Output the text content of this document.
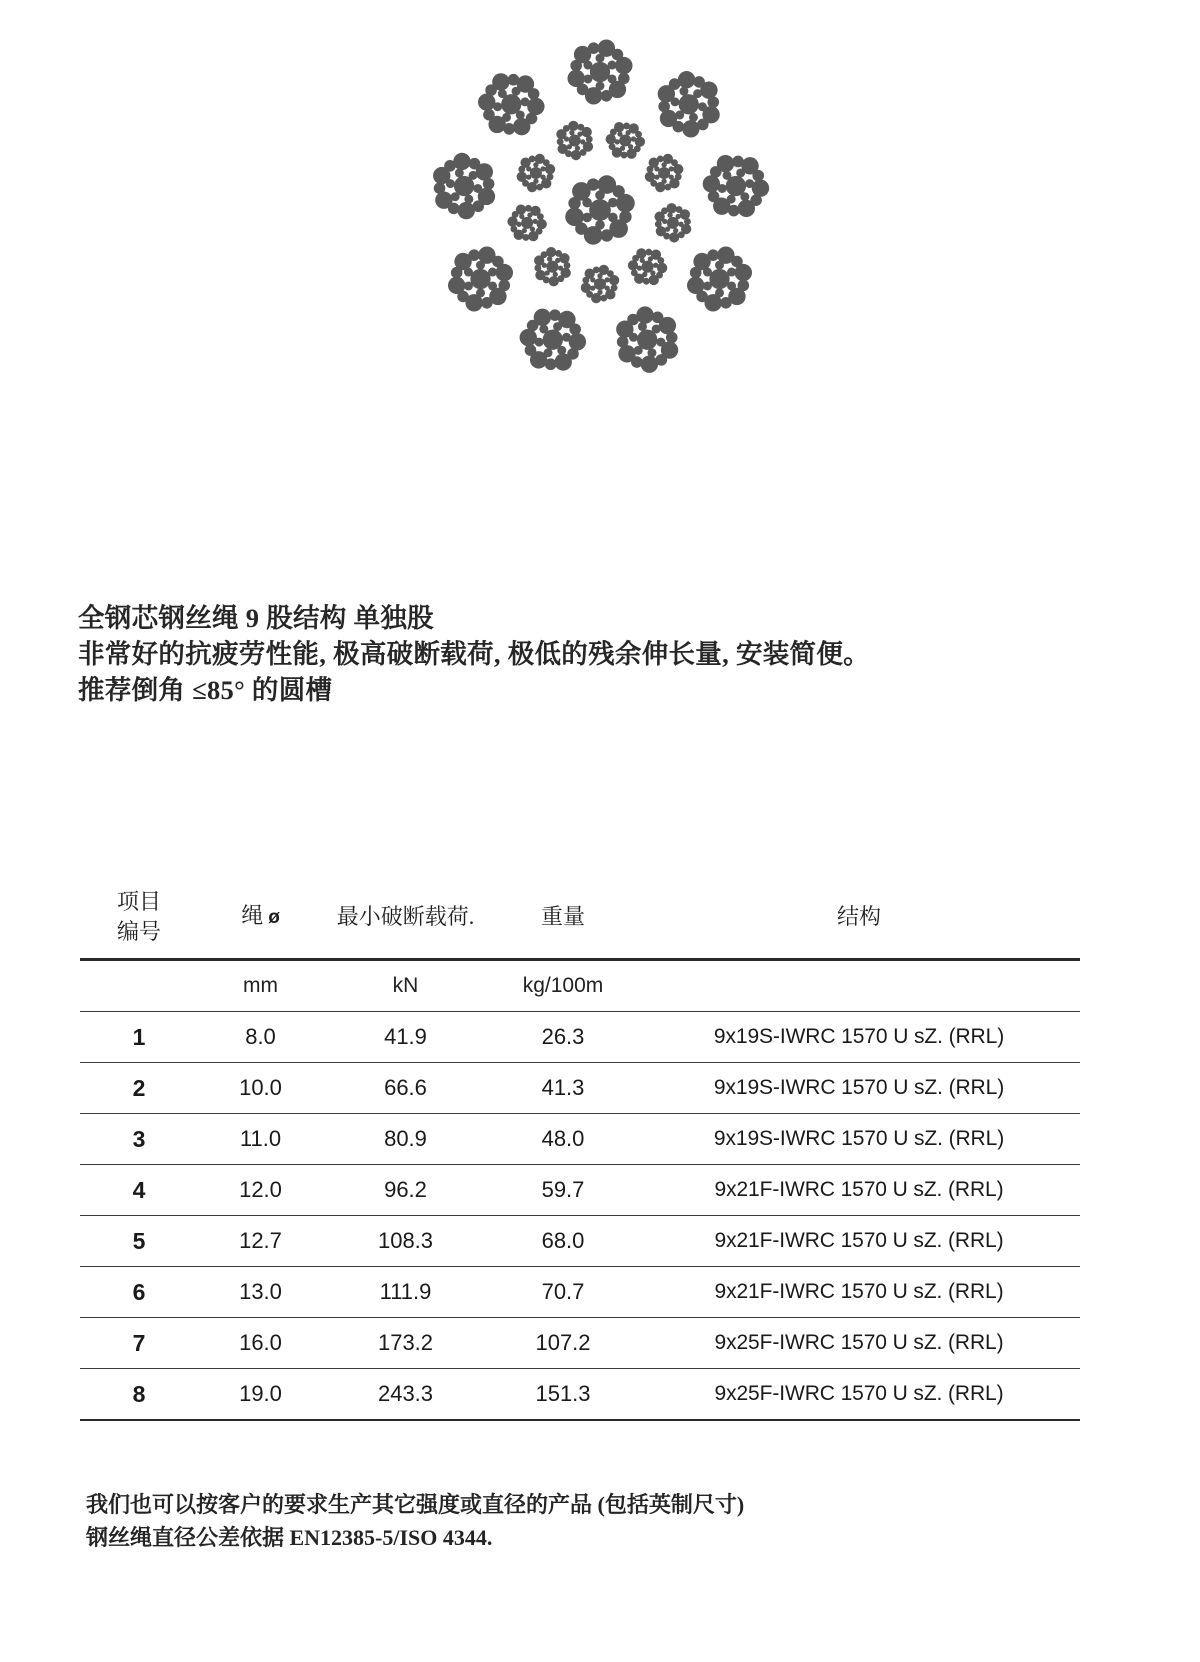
全钢芯钢丝绳 9 股结构 单独股
非常好的抗疲劳性能, 极高破断载荷, 极低的残余伸长量, 安装简便。
推荐倒角 ≤85° 的圆槽
项目
编号	绳 ø	最小破断载荷.	重量	结构
	mm	kN	kg/100m	
1	8.0	41.9	26.3	9x19S-IWRC 1570 U sZ. (RRL)
2	10.0	66.6	41.3	9x19S-IWRC 1570 U sZ. (RRL)
3	11.0	80.9	48.0	9x19S-IWRC 1570 U sZ. (RRL)
4	12.0	96.2	59.7	9x21F-IWRC 1570 U sZ. (RRL)
5	12.7	108.3	68.0	9x21F-IWRC 1570 U sZ. (RRL)
6	13.0	111.9	70.7	9x21F-IWRC 1570 U sZ. (RRL)
7	16.0	173.2	107.2	9x25F-IWRC 1570 U sZ. (RRL)
8	19.0	243.3	151.3	9x25F-IWRC 1570 U sZ. (RRL)
我们也可以按客户的要求生产其它强度或直径的产品 (包括英制尺寸)
钢丝绳直径公差依据 EN12385-5/ISO 4344.
